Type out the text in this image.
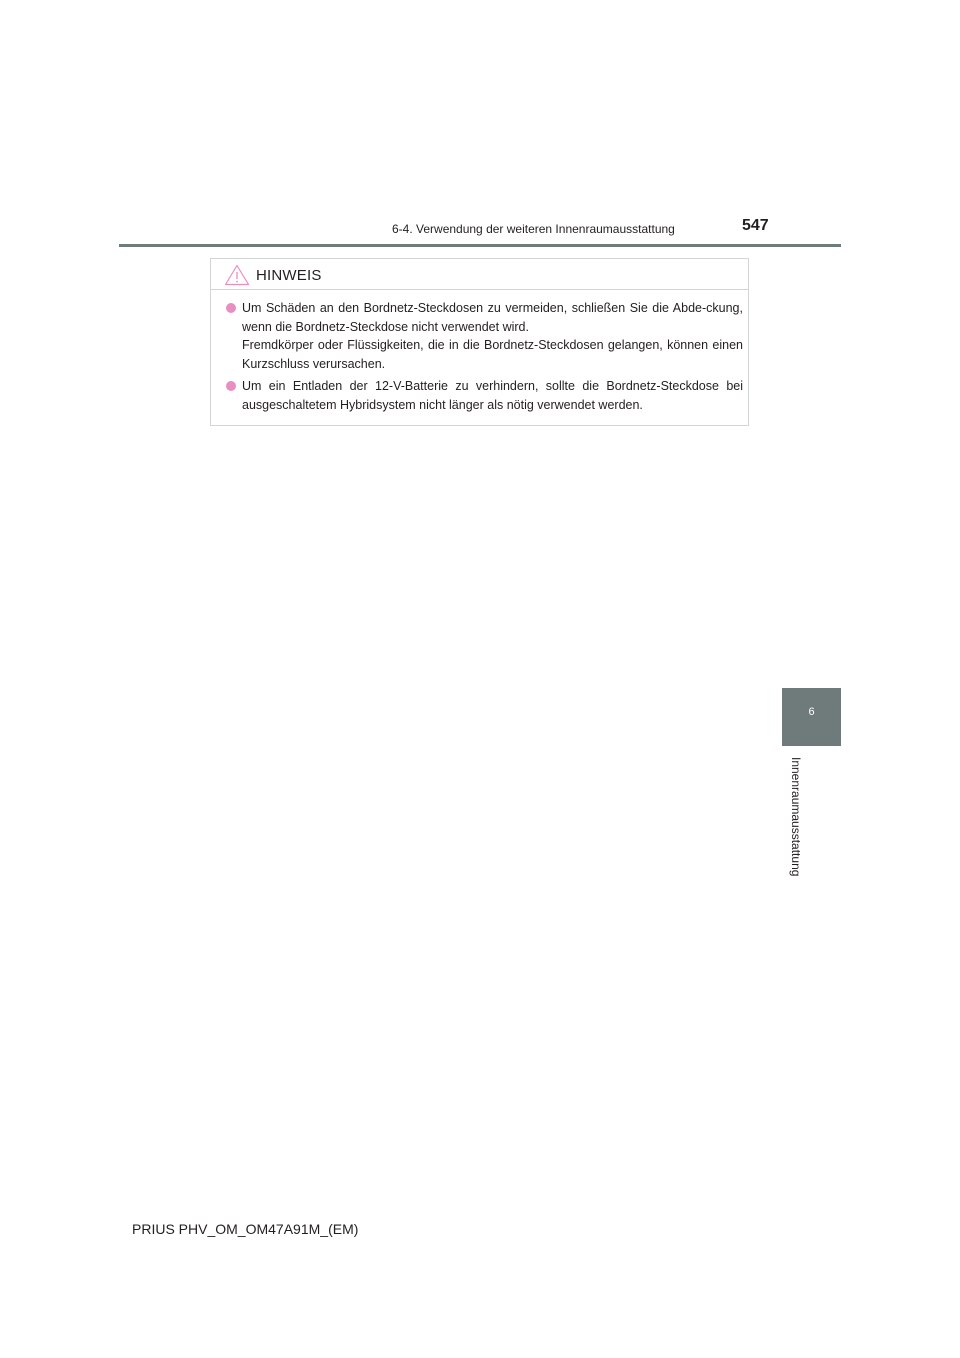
6-4. Verwendung der weiteren Innenraumausstattung	547
HINWEIS
Um Schäden an den Bordnetz-Steckdosen zu vermeiden, schließen Sie die Abde-ckung, wenn die Bordnetz-Steckdose nicht verwendet wird.
Fremdkörper oder Flüssigkeiten, die in die Bordnetz-Steckdosen gelangen, können einen Kurzschluss verursachen.
Um ein Entladen der 12-V-Batterie zu verhindern, sollte die Bordnetz-Steckdose bei ausgeschaltetem Hybridsystem nicht länger als nötig verwendet werden.
6
Innenraumausstattung
PRIUS PHV_OM_OM47A91M_(EM)
